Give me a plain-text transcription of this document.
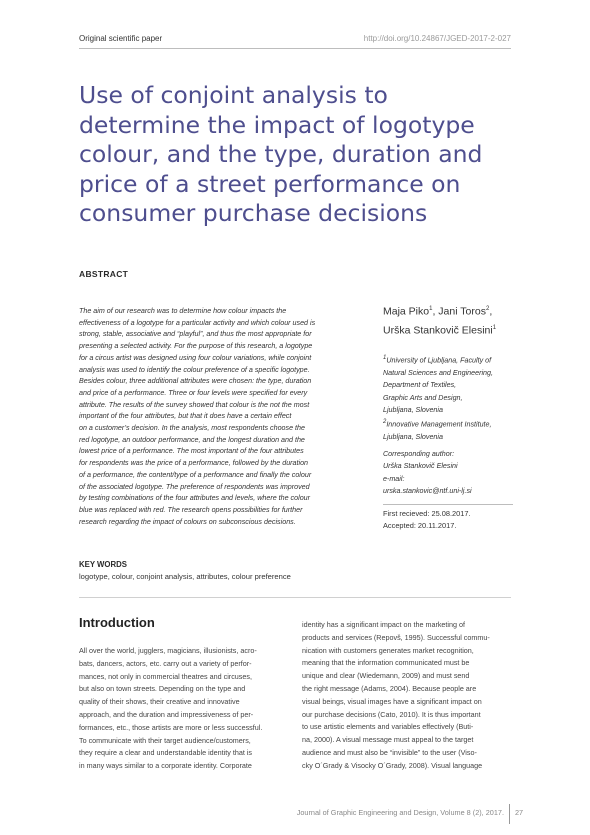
Original scientific paper	http://doi.org/10.24867/JGED-2017-2-027
Use of conjoint analysis to
determine the impact of logotype
colour, and the type, duration and
price of a street performance on
consumer purchase decisions
ABSTRACT
The aim of our research was to determine how colour impacts the
effectiveness of a logotype for a particular activity and which colour used is
strong, stable, associative and “playful”, and thus the most appropriate for
presenting a selected activity. For the purpose of this research, a logotype
for a circus artist was designed using four colour variations, while conjoint
analysis was used to identify the colour preference of a specific logotype.
Besides colour, three additional attributes were chosen: the type, duration
and price of a performance. Three or four levels were specified for every
attribute. The results of the survey showed that colour is the not the most
important of the four attributes, but that it does have a certain effect
on a customer’s decision. In the analysis, most respondents choose the
red logotype, an outdoor performance, and the longest duration and the
lowest price of a performance. The most important of the four attributes
for respondents was the price of a performance, followed by the duration
of a performance, the content/type of a performance and finally the colour
of the associated logotype. The preference of respondents was improved
by testing combinations of the four attributes and levels, where the colour
blue was replaced with red. The research opens possibilities for further
research regarding the impact of colours on subconscious decisions.
Maja Piko$^1$, Jani Toros$^2$,
Urška Stankovič Elesini$^1$
$^1$University of Ljubljana, Faculty of
Natural Sciences and Engineering,
Department of Textiles,
Graphic Arts and Design,
Ljubljana, Slovenia
$^2$Innovative Management Institute,
Ljubljana, Slovenia
Corresponding author:
Urška Stankovič Elesini
e-mail:
urska.stankovic@ntf.uni-lj.si
First recieved: 25.08.2017.
Accepted: 20.11.2017.
KEY WORDS
logotype, colour, conjoint analysis, attributes, colour preference
Introduction
All over the world, jugglers, magicians, illusionists, acro-
bats, dancers, actors, etc. carry out a variety of perfor-
mances, not only in commercial theatres and circuses,
but also on town streets. Depending on the type and
quality of their shows, their creative and innovative
approach, and the duration and impressiveness of per-
formances, etc., those artists are more or less successful.
To communicate with their target audience/customers,
they require a clear and understandable identity that is
in many ways similar to a corporate identity. Corporate
identity has a significant impact on the marketing of
products and services (Repovš, 1995). Successful commu-
nication with customers generates market recognition,
meaning that the information communicated must be
unique and clear (Wiedemann, 2009) and must send
the right message (Adams, 2004). Because people are
visual beings, visual images have a significant impact on
our purchase decisions (Cato, 2010). It is thus important
to use artistic elements and variables effectively (Buti-
na, 2000). A visual message must appeal to the target
audience and must also be “invisible” to the user (Viso-
cky O´Grady & Visocky O´Grady, 2008). Visual language
Journal of Graphic Engineering and Design, Volume 8 (2), 2017. 27
